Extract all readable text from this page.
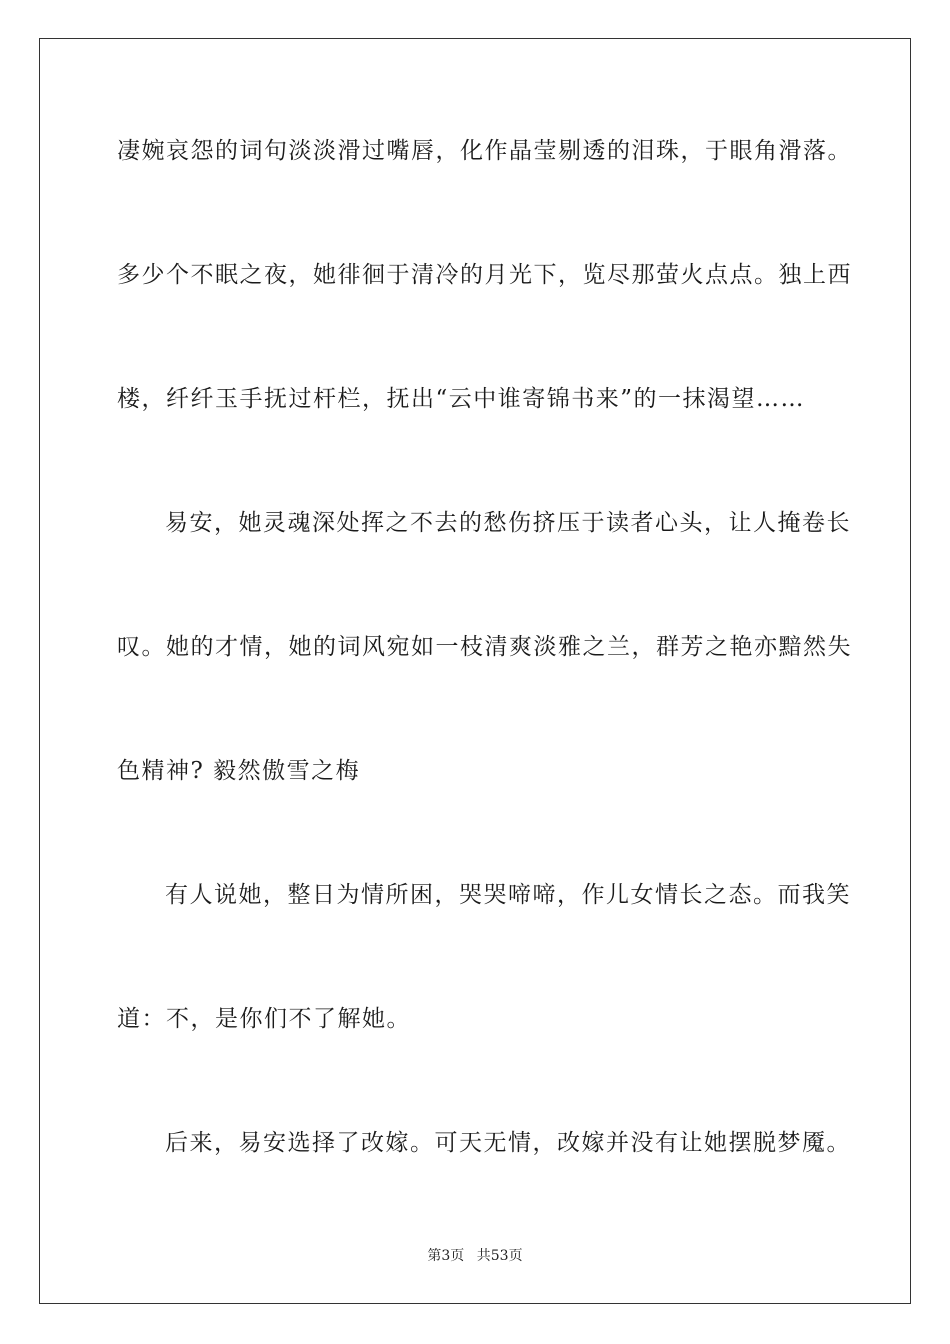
凄婉哀怨的词句淡淡滑过嘴唇，化作晶莹剔透的泪珠，于眼角滑落。
多少个不眠之夜，她徘徊于清冷的月光下，览尽那萤火点点。独上西
楼，纤纤玉手抚过杆栏，抚出“云中谁寄锦书来”的一抹渴望……
易安，她灵魂深处挥之不去的愁伤挤压于读者心头，让人掩卷长
叹。她的才情，她的词风宛如一枝清爽淡雅之兰，群芳之艳亦黯然失
色精神? 毅然傲雪之梅
有人说她，整日为情所困，哭哭啼啼，作儿女情长之态。而我笑
道：不，是你们不了解她。
后来，易安选择了改嫁。可天无情，改嫁并没有让她摆脱梦魇。
第3页 共53页
